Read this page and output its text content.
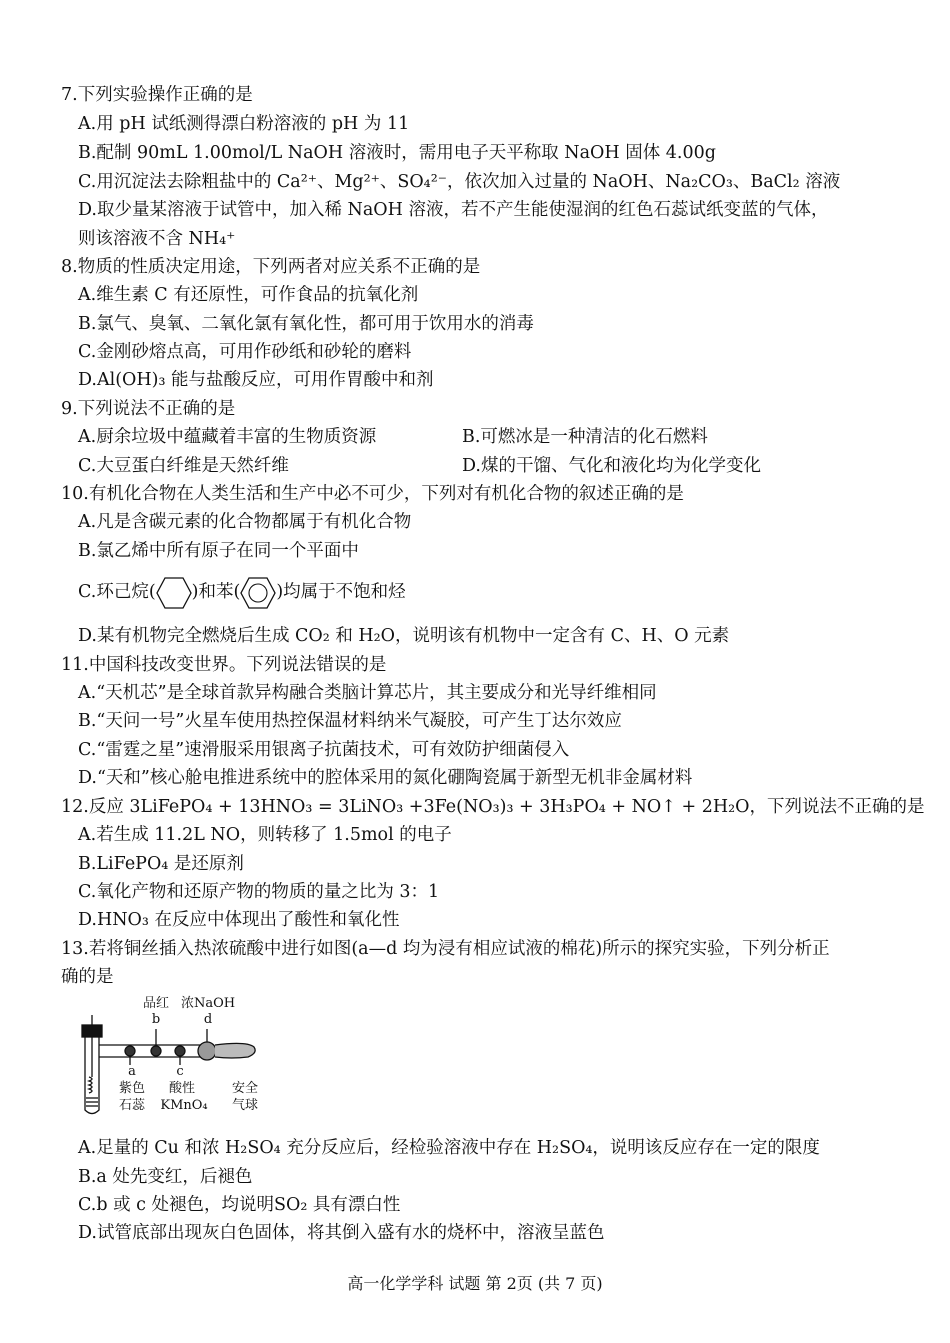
7.下列实验操作正确的是
A.用 pH 试纸测得漂白粉溶液的 pH 为 11
B.配制 90mL 1.00mol/L NaOH 溶液时，需用电子天平称取 NaOH 固体 4.00g
C.用沉淀法去除粗盐中的 Ca²⁺、Mg²⁺、SO₄²⁻，依次加入过量的 NaOH、Na₂CO₃、BaCl₂ 溶液
D.取少量某溶液于试管中，加入稀 NaOH 溶液，若不产生能使湿润的红色石蕊试纸变蓝的气体，
则该溶液不含 NH₄⁺
8.物质的性质决定用途，下列两者对应关系不正确的是
A.维生素 C 有还原性，可作食品的抗氧化剂
B.氯气、臭氧、二氧化氯有氧化性，都可用于饮用水的消毒
C.金刚砂熔点高，可用作砂纸和砂轮的磨料
D.Al(OH)₃ 能与盐酸反应，可用作胃酸中和剂
9.下列说法不正确的是
A.厨余垃圾中蕴藏着丰富的生物质资源	B.可燃冰是一种清洁的化石燃料
C.大豆蛋白纤维是天然纤维	D.煤的干馏、气化和液化均为化学变化
10.有机化合物在人类生活和生产中必不可少，下列对有机化合物的叙述正确的是
A.凡是含碳元素的化合物都属于有机化合物
B.氯乙烯中所有原子在同一个平面中
C.环己烷( )和苯( )均属于不饱和烃
D.某有机物完全燃烧后生成 CO₂ 和 H₂O，说明该有机物中一定含有 C、H、O 元素
11.中国科技改变世界。下列说法错误的是
A.“天机芯”是全球首款异构融合类脑计算芯片，其主要成分和光导纤维相同
B.“天问一号”火星车使用热控保温材料纳米气凝胶，可产生丁达尔效应
C.“雷霆之星”速滑服采用银离子抗菌技术，可有效防护细菌侵入
D.“天和”核心舱电推进系统中的腔体采用的氮化硼陶瓷属于新型无机非金属材料
12.反应 3LiFePO₄ + 13HNO₃ = 3LiNO₃ +3Fe(NO₃)₃ + 3H₃PO₄ + NO↑ + 2H₂O，下列说法不正确的是
A.若生成 11.2L NO，则转移了 1.5mol 的电子
B.LiFePO₄ 是还原剂
C.氧化产物和还原产物的物质的量之比为 3：1
D.HNO₃ 在反应中体现出了酸性和氧化性
13.若将铜丝插入热浓硫酸中进行如图(a—d 均为浸有相应试液的棉花)所示的探究实验，下列分析正
确的是
品红 浓NaOH
b	d
a	c
紫色
石蕊
酸性
KMnO₄
安全
气球
A.足量的 Cu 和浓 H₂SO₄ 充分反应后，经检验溶液中存在 H₂SO₄，说明该反应存在一定的限度
B.a 处先变红，后褪色
C.b 或 c 处褪色，均说明SO₂ 具有漂白性
D.试管底部出现灰白色固体，将其倒入盛有水的烧杯中，溶液呈蓝色
高一化学学科 试题 第 2页 (共 7 页)
